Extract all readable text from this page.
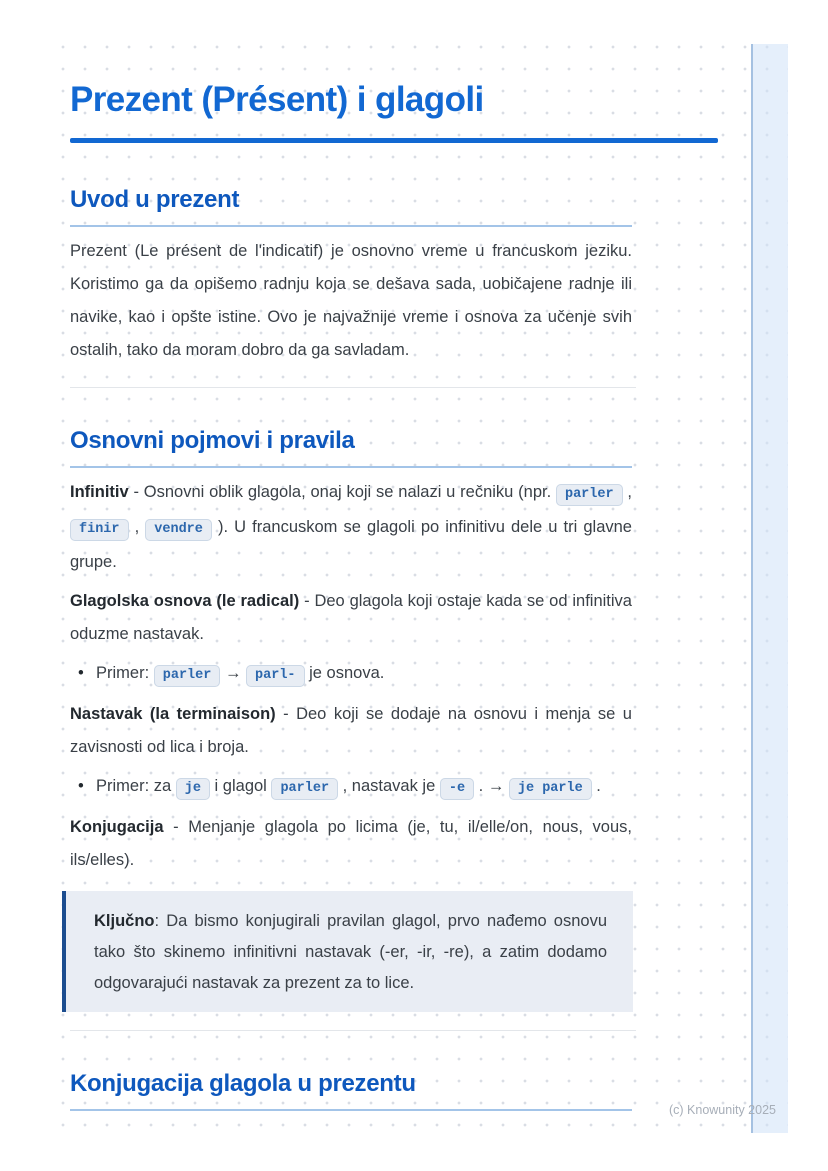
Prezent (Présent) i glagoli
Uvod u prezent

Prezent (Le présent de l'indicatif) je osnovno vreme u francuskom jeziku. Koristimo ga da opišemo radnju koja se dešava sada, uobičajene radnje ili navike, kao i opšte istine. Ovo je najvažnije vreme i osnova za učenje svih ostalih, tako da moram dobro da ga savladam.

Osnovni pojmovi i pravila

Infinitiv - Osnovni oblik glagola, onaj koji se nalazi u rečniku (npr. parler , finir , vendre ). U francuskom se glagoli po infinitivu dele u tri glavne grupe.

Glagolska osnova (le radical) - Deo glagola koji ostaje kada se od infinitiva oduzme nastavak.

• Primer: parler → parl- je osnova.

Nastavak (la terminaison) - Deo koji se dodaje na osnovu i menja se u zavisnosti od lica i broja.

• Primer: za je i glagol parler , nastavak je -e . → je parle .

Konjugacija - Menjanje glagola po licima (je, tu, il/elle/on, nous, vous, ils/elles).

Ključno: Da bismo konjugirali pravilan glagol, prvo nađemo osnovu tako što skinemo infinitivni nastavak (-er, -ir, -re), a zatim dodamo odgovarajući nastavak za prezent za to lice.

Konjugacija glagola u prezentu
(c) Knowunity 2025
